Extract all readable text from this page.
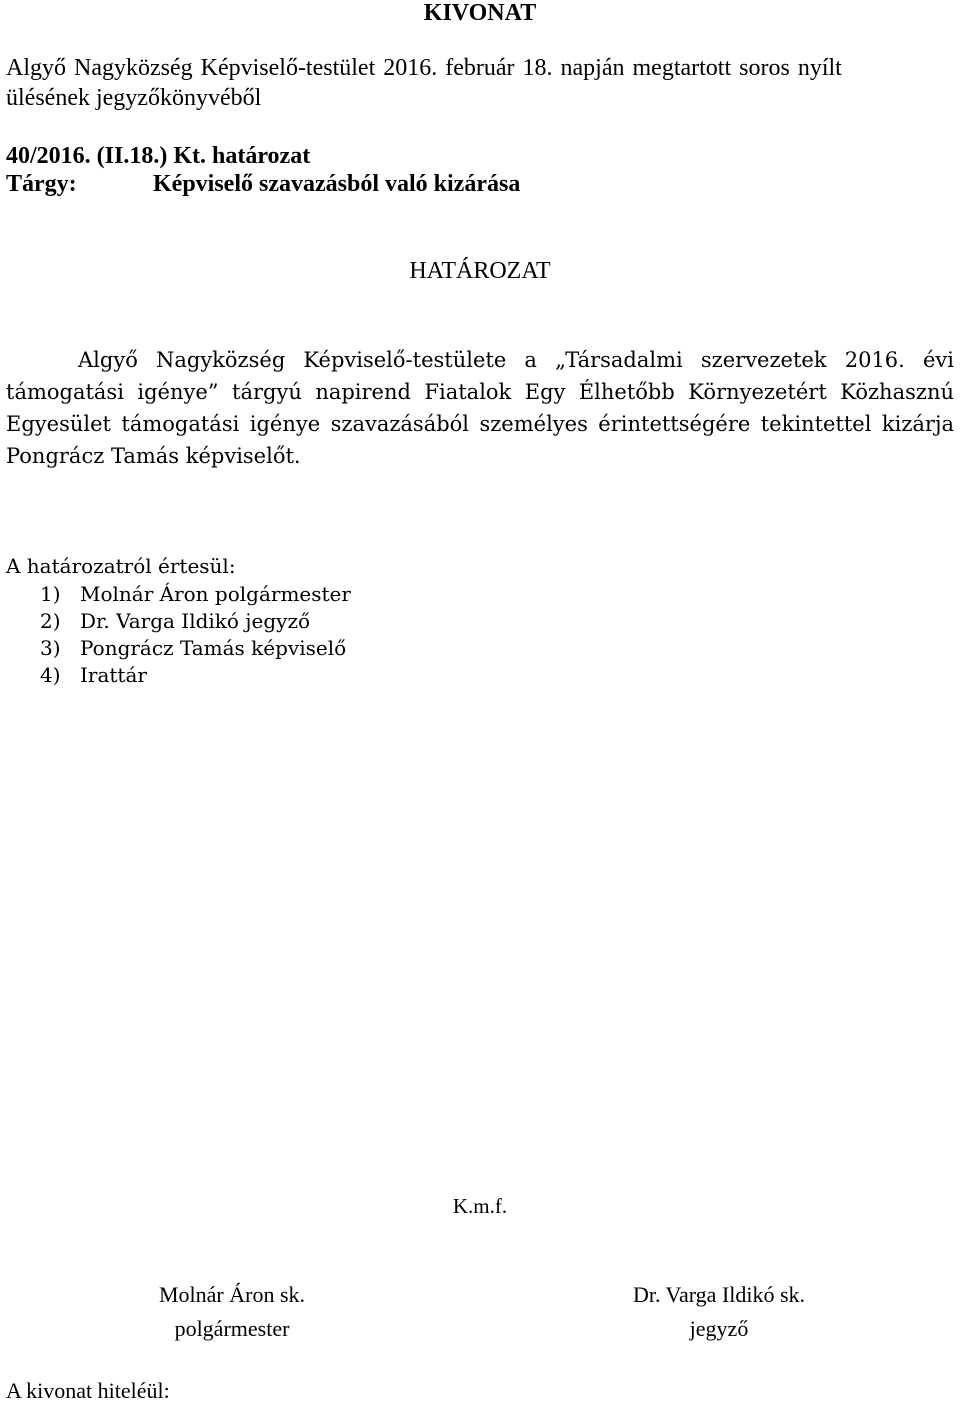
KIVONAT
Algyő Nagyközség Képviselő-testület 2016. február 18. napján megtartott soros nyílt
ülésének jegyzőkönyvéből
40/2016. (II.18.) Kt. határozat
Tárgy:	Képviselő szavazásból való kizárása
HATÁROZAT
Algyő Nagyközség Képviselő-testülete a „Társadalmi szervezetek 2016. évi
támogatási igénye” tárgyú napirend Fiatalok Egy Élhetőbb Környezetért Közhasznú
Egyesület támogatási igénye szavazásából személyes érintettségére tekintettel kizárja
Pongrácz Tamás képviselőt.
A határozatról értesül:
1) Molnár Áron polgármester
2) Dr. Varga Ildikó jegyző
3) Pongrácz Tamás képviselő
4) Irattár
K.m.f.
Molnár Áron sk.
polgármester
Dr. Varga Ildikó sk.
jegyző
A kivonat hiteléül:
